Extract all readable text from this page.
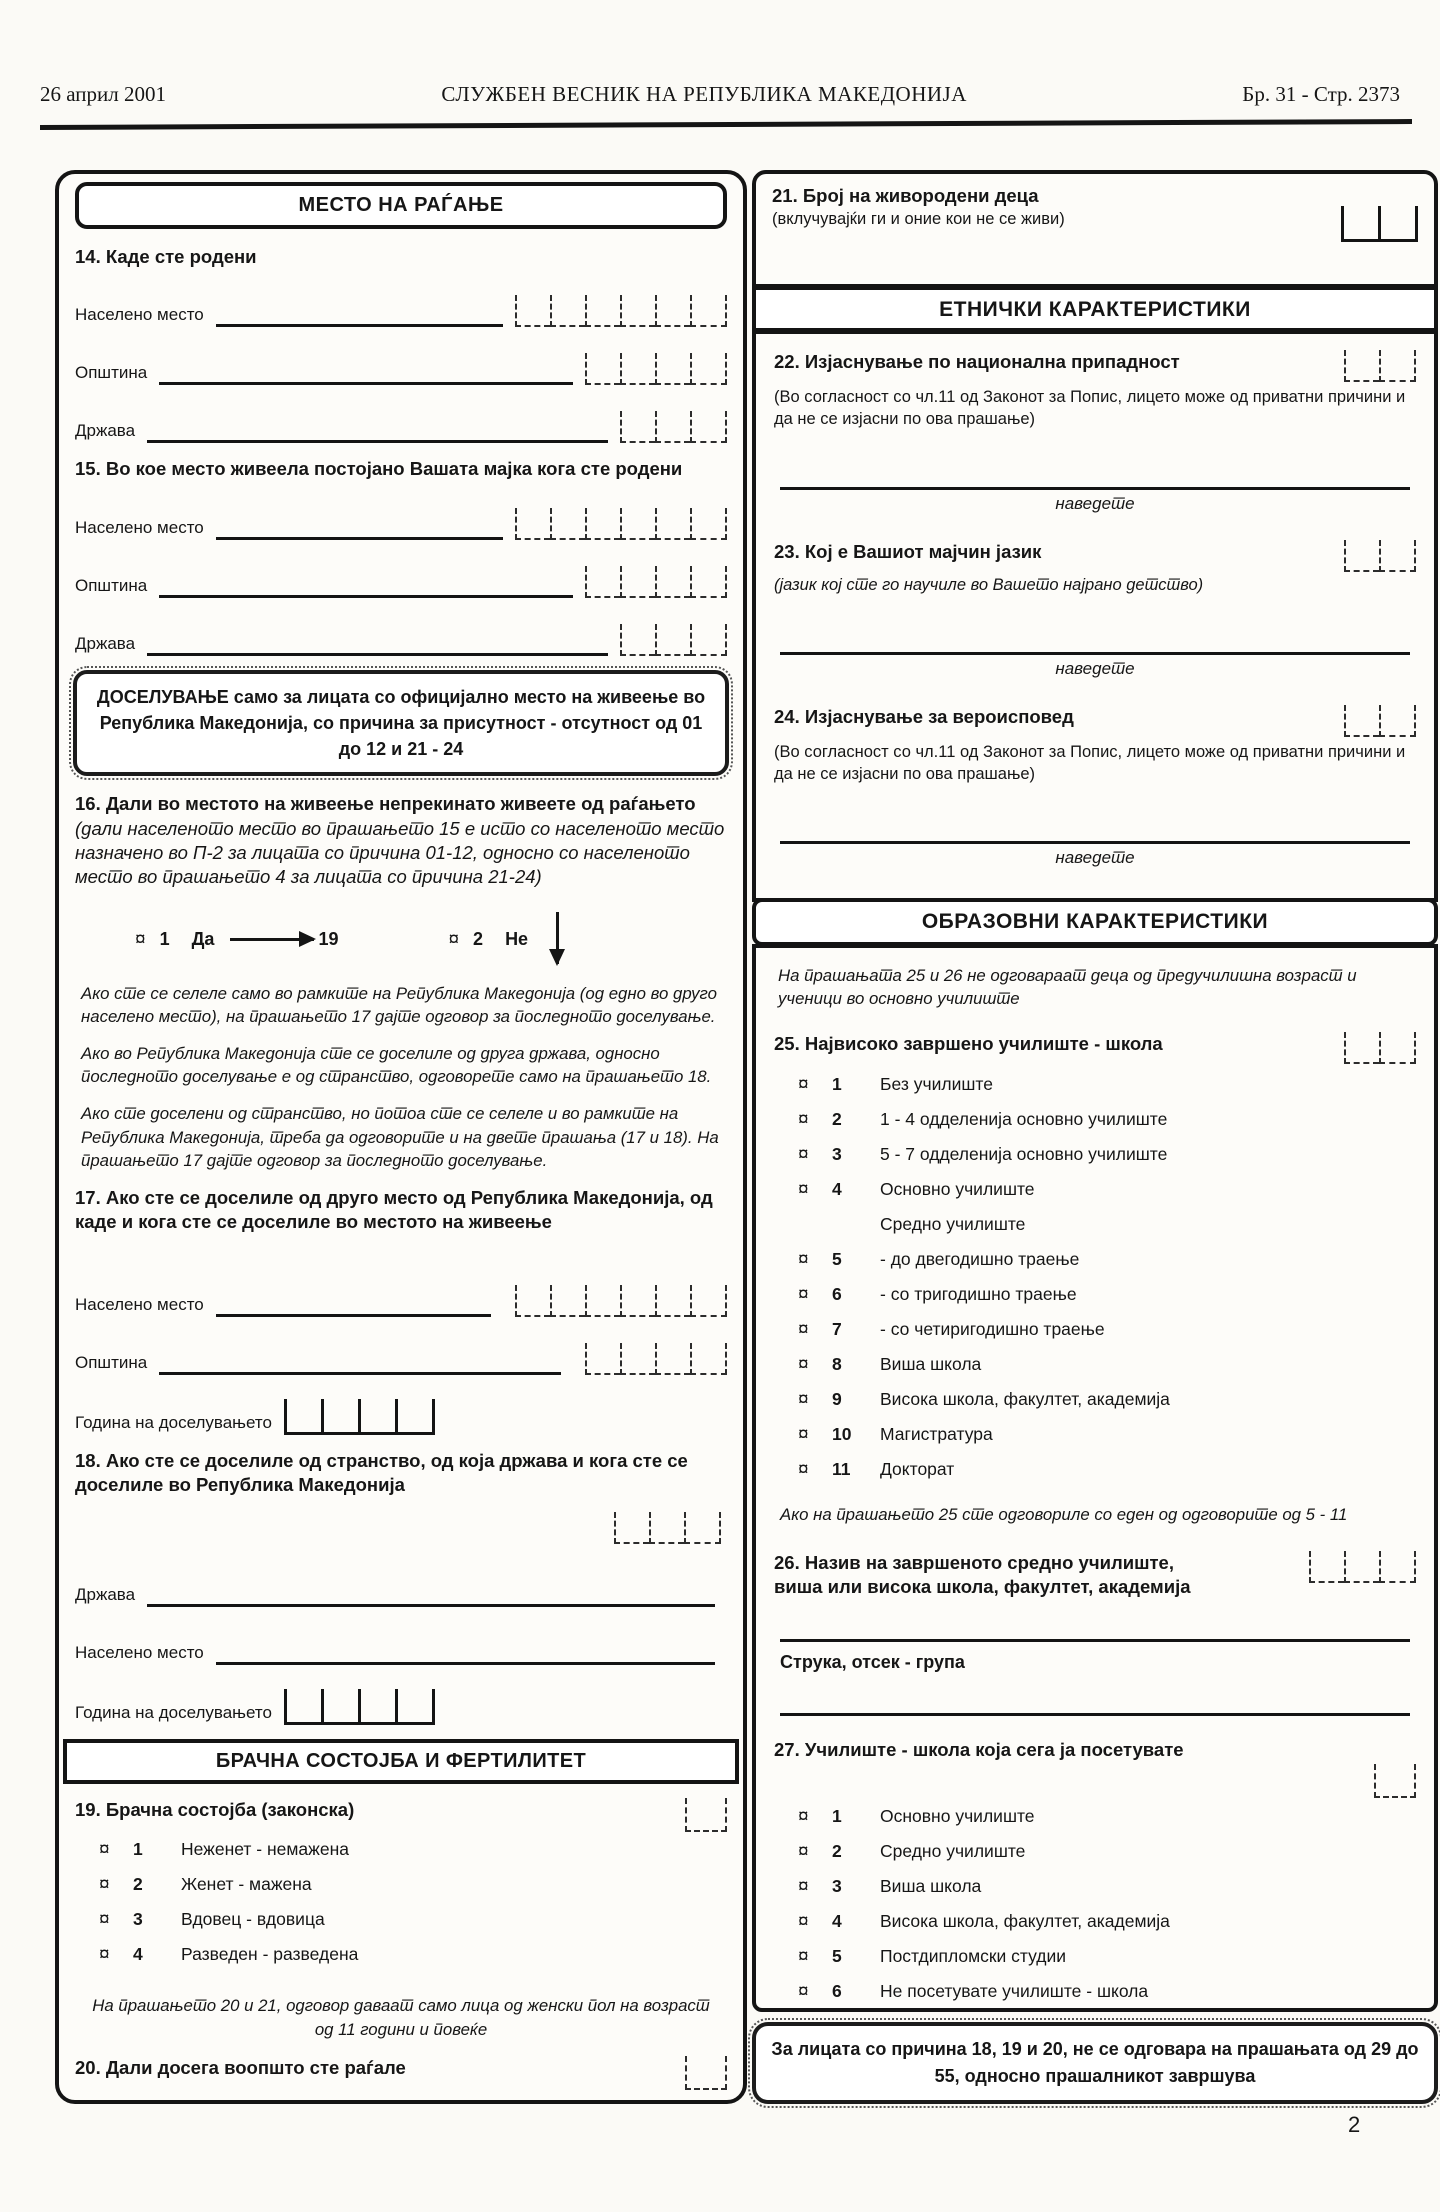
26 април 2001	СЛУЖБЕН ВЕСНИК НА РЕПУБЛИКА МАКЕДОНИЈА	Бр. 31 - Стр. 2373
МЕСТО НА РАЃАЊЕ
14. Каде сте родени
Населено место
Општина
Држава
15. Во кое место живеела постојано Вашата мајка кога сте родени
Населено место
Општина
Држава
ДОСЕЛУВАЊЕ само за лицата со официјално место на живеење во Република Македонија, со причина за присутност - отсутност од 01 до 12 и 21 - 24
16. Дали во местото на живеење непрекинато живеете од раѓањето (дали населеното место во прашањето 15 е исто со населеното место назначено во П-2 за лицата со причина 01-12, односно со населеното место во прашањето 4 за лицата со причина 21-24)
¤ 1 Да	19	¤ 2 Не

Ако сте се селеле само во рамките на Република Македонија (од едно во друго населено место), на прашањето 17 дајте одговор за последното доселување.

Ако во Република Македонија сте се доселиле од друга држава, односно последното доселување е од странство, одговорете само на прашањето 18.

Ако сте доселени од странство, но потоа сте се селеле и во рамките на Република Македонија, треба да одговорите и на двете прашања (17 и 18). На прашањето 17 дајте одговор за последното доселување.

17. Ако сте се доселиле од друго место од Република Македонија, од каде и кога сте се доселиле во местото на живеење
Населено место
Општина
Година на доселувањето
18. Ако сте се доселиле од странство, од која држава и кога сте се доселиле во Република Македонија
Држава
Населено место
Година на доселувањето
БРАЧНА СОСТОЈБА И ФЕРТИЛИТЕТ
19. Брачна состојба (законска)
¤	1	Неженет - немажена
¤	2	Женет - мажена
¤	3	Вдовец - вдовица
¤	4	Разведен - разведена
На прашањето 20 и 21, одговор даваат само лица од женски пол на возраст од 11 години и повеќе
20. Дали досега воопшто сте раѓале
21. Број на живородени деца
(вклучувајќи ги и оние кои не се живи)
ЕТНИЧКИ КАРАКТЕРИСТИКИ
22. Изјаснување по национална припадност
(Во согласност со чл.11 од Законот за Попис, лицето може од приватни причини и да не се изјасни по ова прашање)
наведете
23. Кој е Вашиот мајчин јазик
(јазик кој сте го научиле во Вашето најрано детство)
наведете
24. Изјаснување за вероисповед
(Во согласност со чл.11 од Законот за Попис, лицето може од приватни причини и да не се изјасни по ова прашање)
наведете
ОБРАЗОВНИ КАРАКТЕРИСТИКИ
На прашањата 25 и 26 не одговараат деца од предучилишна возраст и ученици во основно училиште
25. Највисоко завршено училиште - школа
¤	1	Без училиште
¤	2	1 - 4 одделенија основно училиште
¤	3	5 - 7 одделенија основно училиште
¤	4	Основно училиште
Средно училиште
¤	5	- до двегодишно траење
¤	6	- со тригодишно траење
¤	7	- со четиригодишно траење
¤	8	Виша школа
¤	9	Висока школа, факултет, академија
¤	10	Магистратура
¤	11	Докторат
Ако на прашањето 25 сте одговориле со еден од одговорите од 5 - 11
26. Назив на завршеното средно училиште,
виша или висока школа, факултет, академија
Струка, отсек - група
27. Училиште - школа која сега ја посетувате
¤	1	Основно училиште
¤	2	Средно училиште
¤	3	Виша школа
¤	4	Висока школа, факултет, академија
¤	5	Постдипломски студии
¤	6	Не посетувате училиште - школа
За лицата со причина 18, 19 и 20, не се одговара на прашањата од 29 до 55, односно прашалникот завршува
2
